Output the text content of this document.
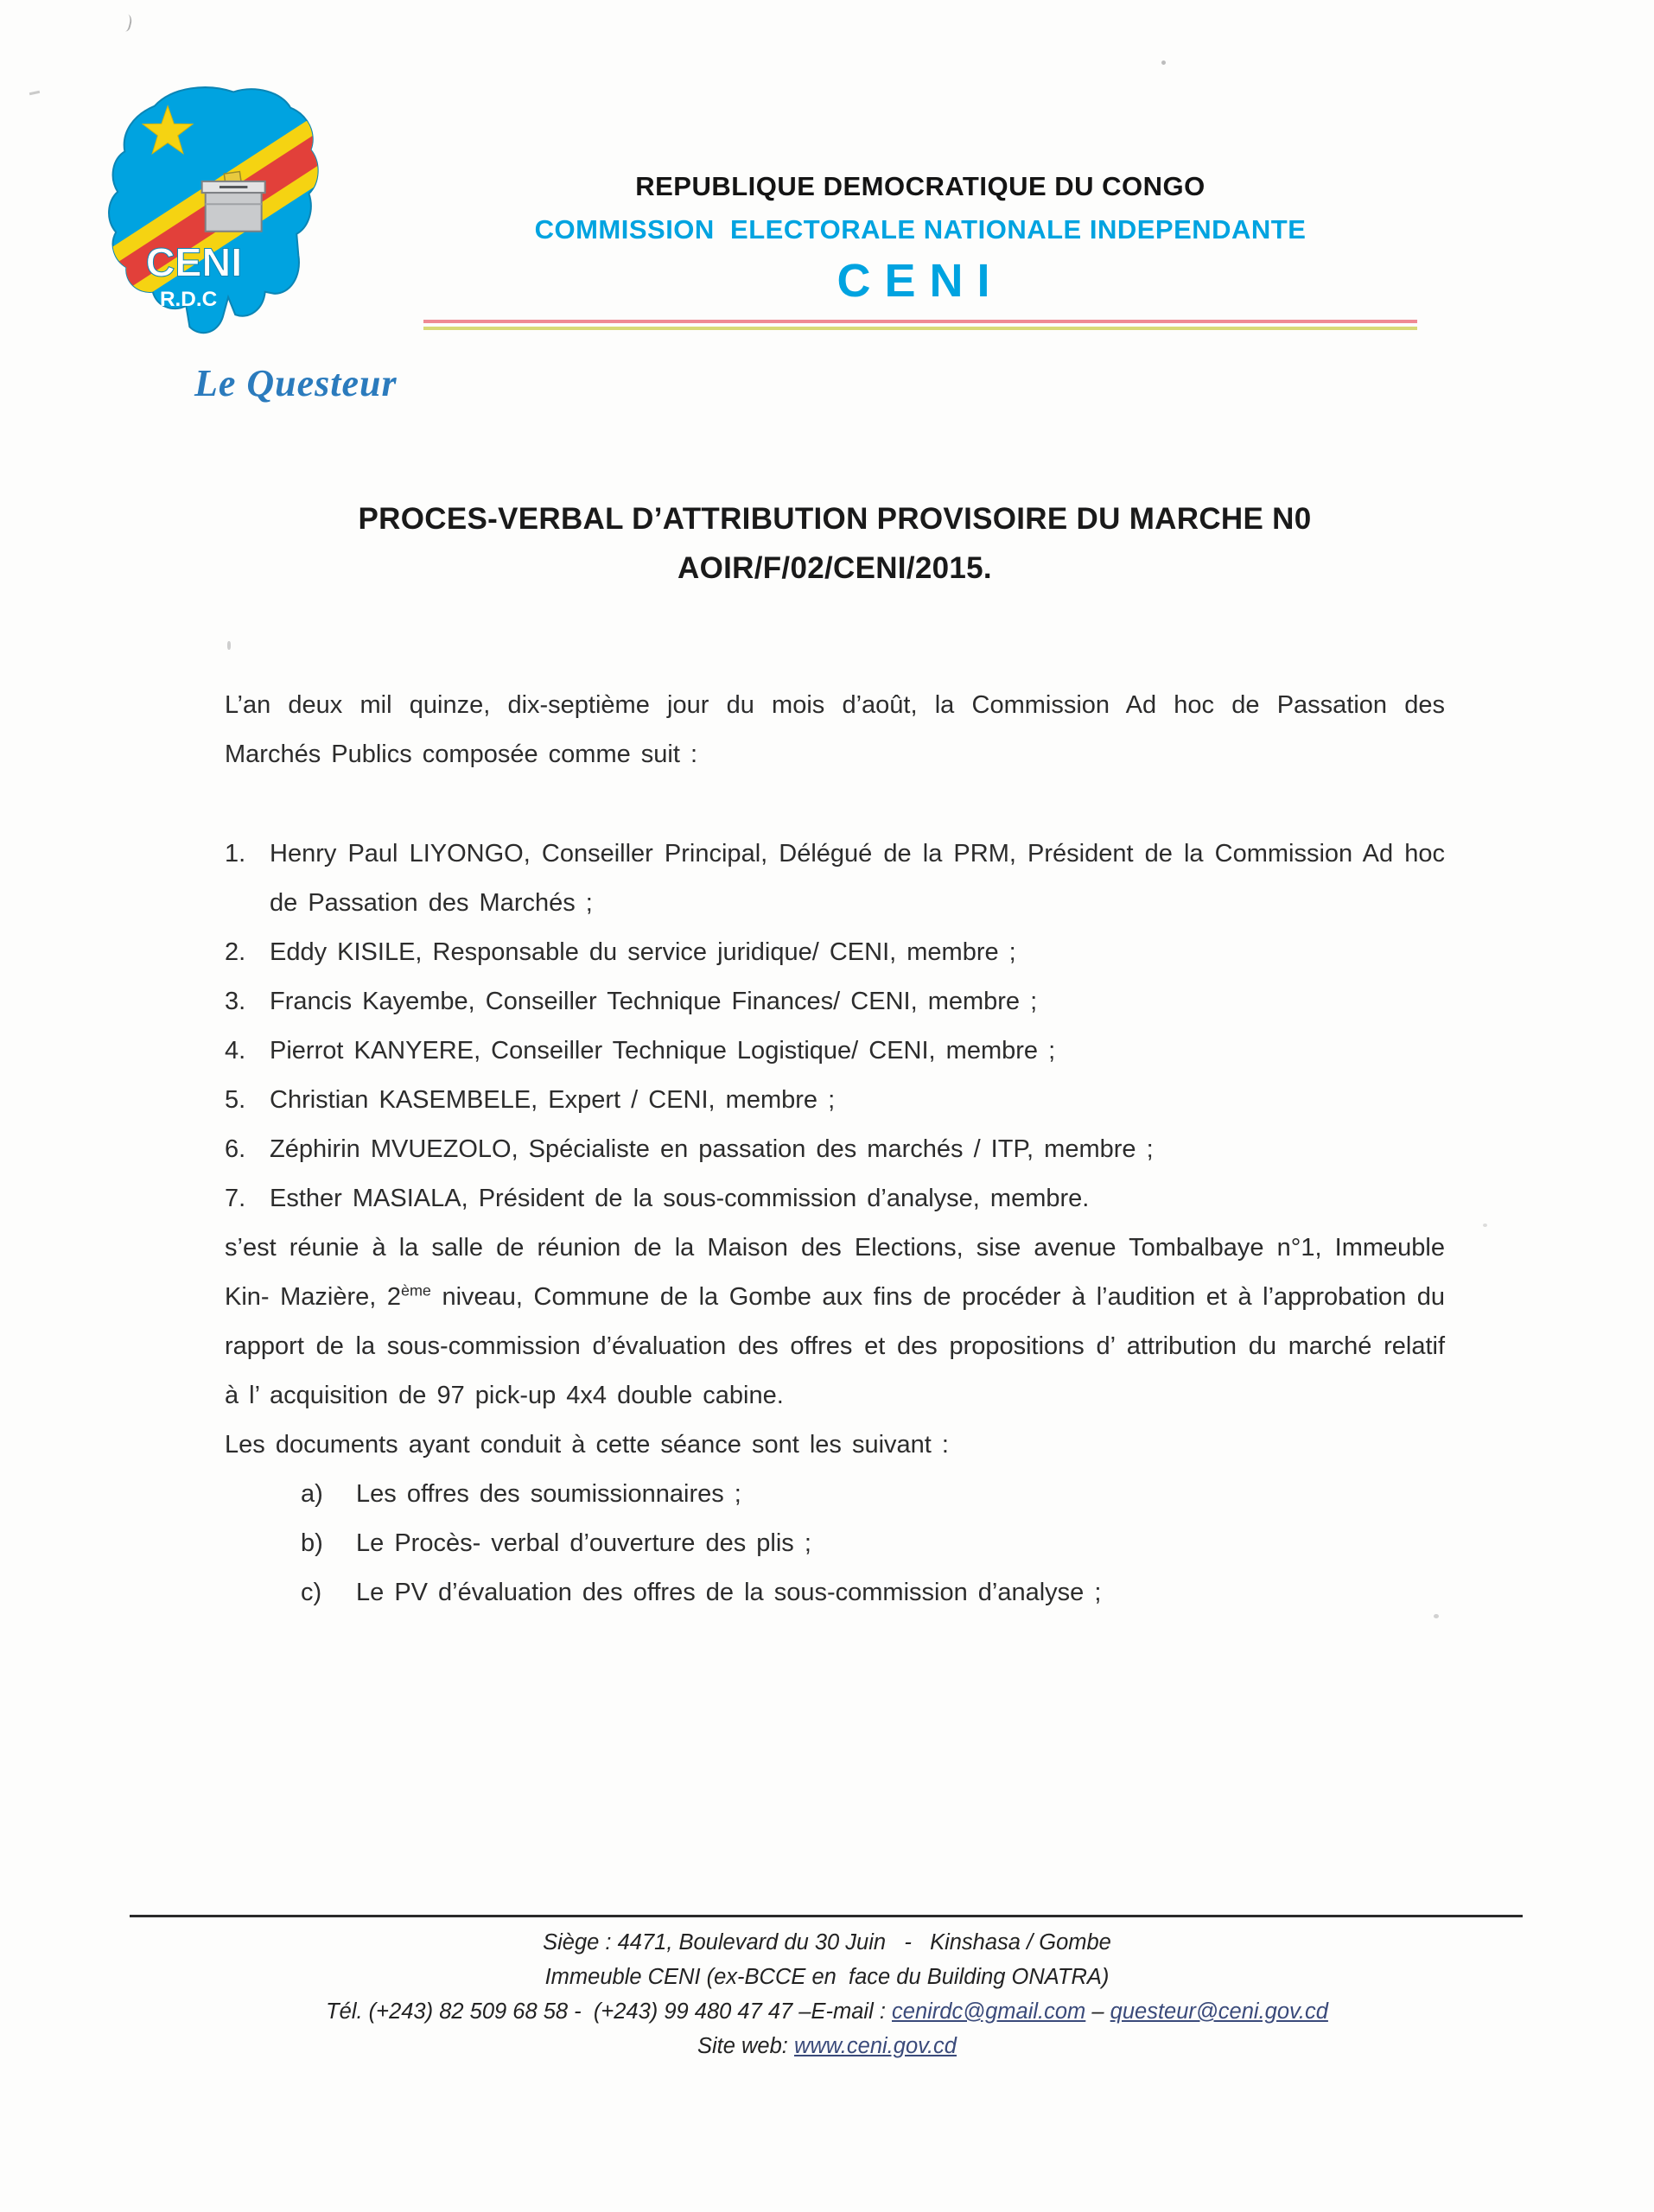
CENI
R.D.C
REPUBLIQUE DEMOCRATIQUE DU CONGO
COMMISSION  ELECTORALE NATIONALE INDEPENDANTE
CENI
Le Questeur
PROCES-VERBAL D’ATTRIBUTION PROVISOIRE DU MARCHE N0
AOIR/F/02/CENI/2015.

L’an deux mil quinze, dix-septième jour du mois d’août, la Commission Ad hoc de Passation des Marchés Publics composée comme suit :

1. Henry Paul LIYONGO, Conseiller Principal, Délégué de la PRM, Président de la Commission Ad hoc de Passation des Marchés ;
2. Eddy KISILE, Responsable du service juridique/ CENI, membre ;
3. Francis Kayembe, Conseiller Technique Finances/ CENI, membre ;
4. Pierrot KANYERE, Conseiller Technique Logistique/ CENI, membre ;
5. Christian KASEMBELE, Expert / CENI, membre ;
6. Zéphirin MVUEZOLO, Spécialiste en passation des marchés / ITP, membre ;
7. Esther MASIALA, Président de la sous-commission d’analyse, membre.

s’est réunie à la salle de réunion de la Maison des Elections, sise avenue Tombalbaye n°1, Immeuble Kin- Mazière, 2ème niveau, Commune de la Gombe aux fins de procéder à l’audition et à l’approbation du rapport de la sous-commission d’évaluation des offres et des propositions d’ attribution du marché relatif à l’ acquisition de 97 pick-up 4x4 double cabine.

Les documents ayant conduit à cette séance sont les suivant :

a)	Les offres des soumissionnaires ;
b)	Le Procès- verbal d’ouverture des plis ;
c)	Le PV d’évaluation des offres de la sous-commission d’analyse ;
Siège : 4471, Boulevard du 30 Juin   -   Kinshasa / Gombe
Immeuble CENI (ex-BCCE en  face du Building ONATRA)
Tél. (+243) 82 509 68 58 -  (+243) 99 480 47 47 –E-mail : cenirdc@gmail.com – questeur@ceni.gov.cd
Site web: www.ceni.gov.cd
